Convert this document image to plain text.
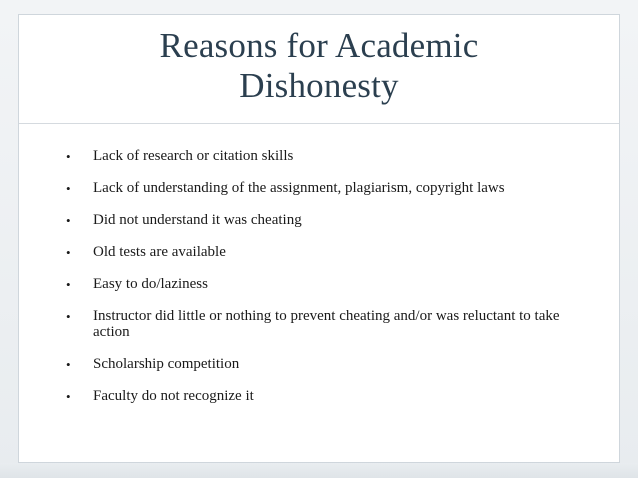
Reasons for Academic
Dishonesty
•	Lack of research or citation skills
•	Lack of understanding of the assignment, plagiarism, copyright laws
•	Did not understand it was cheating
•	Old tests are available
•	Easy to do/laziness
•	Instructor did little or nothing to prevent cheating and/or was reluctant to take action
•	Scholarship competition
•	Faculty do not recognize it
